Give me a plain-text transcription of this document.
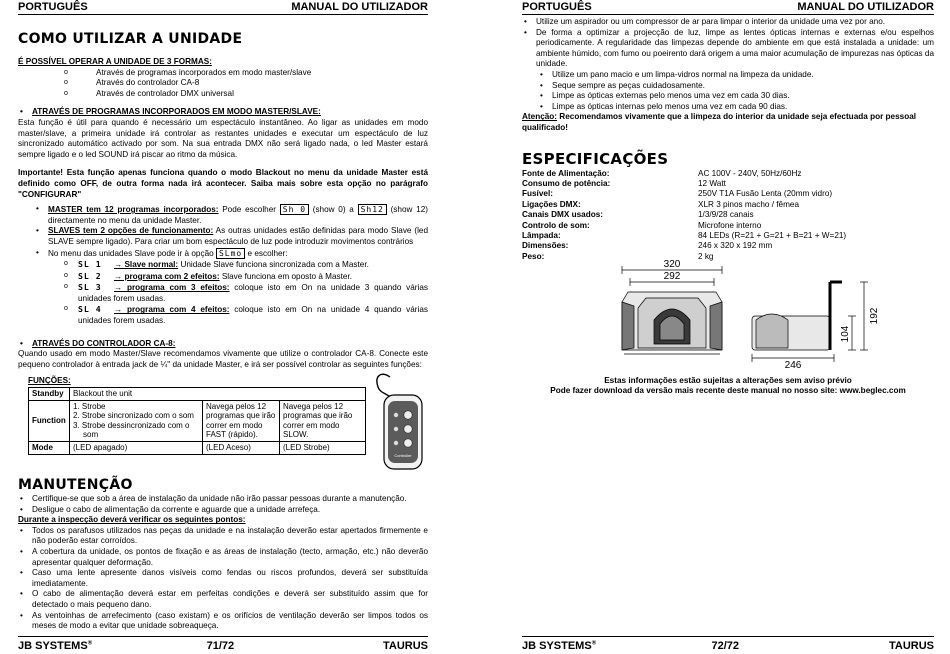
PORTUGUÊS	MANUAL DO UTILIZADOR
COMO UTILIZAR A UNIDADE
É POSSÍVEL OPERAR A UNIDADE DE 3 FORMAS:
o Através de programas incorporados em modo master/slave
o Através do controlador CA-8
o Através de controlador DMX universal
• ATRAVÉS DE PROGRAMAS INCORPORADOS EM MODO MASTER/SLAVE:
Esta função é útil para quando é necessário um espectáculo instantâneo. Ao ligar as unidades em modo master/slave, a primeira unidade irá controlar as restantes unidades e executar um espectáculo de luz sincronizado automático activado por som. Na sua entrada DMX não será ligado nada, o led Master estará sempre ligado e o led SOUND irá piscar ao ritmo da música.
Importante! Esta função apenas funciona quando o modo Blackout no menu da unidade Master está definido como OFF, de outra forma nada irá acontecer. Saiba mais sobre esta opção no parágrafo "CONFIGURAR"
• MASTER tem 12 programas incorporados: Pode escolher Sh 0 (show 0) a Sh12 (show 12) directamente no menu da unidade Master.
• SLAVES tem 2 opções de funcionamento: As outras unidades estão definidas para modo Slave (led SLAVE sempre ligado). Para criar um bom espectáculo de luz pode introduzir movimentos contrários
• No menu das unidades Slave pode ir à opção SLmo e escolher:
o SL 1 → Slave normal: Unidade Slave funciona sincronizada com a Master.
o SL 2 → programa com 2 efeitos: Slave funciona em oposto à Master.
o SL 3 → programa com 3 efeitos: coloque isto em On na unidade 3 quando várias unidades forem usadas.
o SL 4 → programa com 4 efeitos: coloque isto em On na unidade 4 quando várias unidades forem usadas.
• ATRAVÉS DO CONTROLADOR CA-8:
Quando usado em modo Master/Slave recomendamos vivamente que utilize o controlador CA-8. Conecte este pequeno controlador à entrada jack de ¼" da unidade Master, e irá ser possível controlar as seguintes funções:
FUNÇÕES:
Standby	Blackout the unit		
Function	1. Strobe
2. Strobe sincronizado com o som
3. Strobe dessincronizado com o som	Navega pelos 12 programas que irão correr em modo FAST (rápido).	Navega pelos 12 programas que irão correr em modo SLOW.
Mode	(LED apagado)	(LED Aceso)	(LED Strobe)
Controller
MANUTENÇÃO
• Certifique-se que sob a área de instalação da unidade não irão passar pessoas durante a manutenção.
• Desligue o cabo de alimentação da corrente e aguarde que a unidade arrefeça.
Durante a inspecção deverá verificar os seguintes pontos:
• Todos os parafusos utilizados nas peças da unidade e na instalação deverão estar apertados firmemente e não poderão estar corroídos.
• A cobertura da unidade, os pontos de fixação e as áreas de instalação (tecto, armação, etc.) não deverão apresentar qualquer deformação.
• Caso uma lente apresente danos visíveis como fendas ou riscos profundos, deverá ser substituída imediatamente.
• O cabo de alimentação deverá estar em perfeitas condições e deverá ser substituído assim que for detectado o mais pequeno dano.
• As ventoinhas de arrefecimento (caso existam) e os orifícios de ventilação deverão ser limpos todos os meses de modo a evitar que unidade sobreaqueça.
JB SYSTEMS®	71/72	TAURUS
PORTUGUÊS	MANUAL DO UTILIZADOR
• Utilize um aspirador ou um compressor de ar para limpar o interior da unidade uma vez por ano.
• De forma a optimizar a projecção de luz, limpe as lentes ópticas internas e externas e/ou espelhos periodicamente. A regularidade das limpezas depende do ambiente em que está instalada a unidade: um ambiente húmido, com fumo ou poeirento dará origem a uma maior acumulação de impurezas nas ópticas da unidade.
• Utilize um pano macio e um limpa-vidros normal na limpeza da unidade.
• Seque sempre as peças cuidadosamente.
• Limpe as ópticas externas pelo menos uma vez em cada 30 dias.
• Limpe as ópticas internas pelo menos uma vez em cada 90 dias.
Atenção: Recomendamos vivamente que a limpeza do interior da unidade seja efectuada por pessoal qualificado!
ESPECIFICAÇÕES
Fonte de Alimentação:	AC 100V - 240V, 50Hz/60Hz
Consumo de potência:	12 Watt
Fusível:	250V T1A Fusão Lenta (20mm vidro)
Ligações DMX:	XLR 3 pinos macho / fêmea
Canais DMX usados:	1/3/9/28 canais
Controlo de som:	Microfone interno
Lâmpada:	84 LEDs (R=21 + G=21 + B=21 + W=21)
Dimensões:	246 x 320 x 192 mm
Peso:	2 kg
320
292
246
104
192
Estas informações estão sujeitas a alterações sem aviso prévio
Pode fazer download da versão mais recente deste manual no nosso site: www.beglec.com
JB SYSTEMS®	72/72	TAURUS
